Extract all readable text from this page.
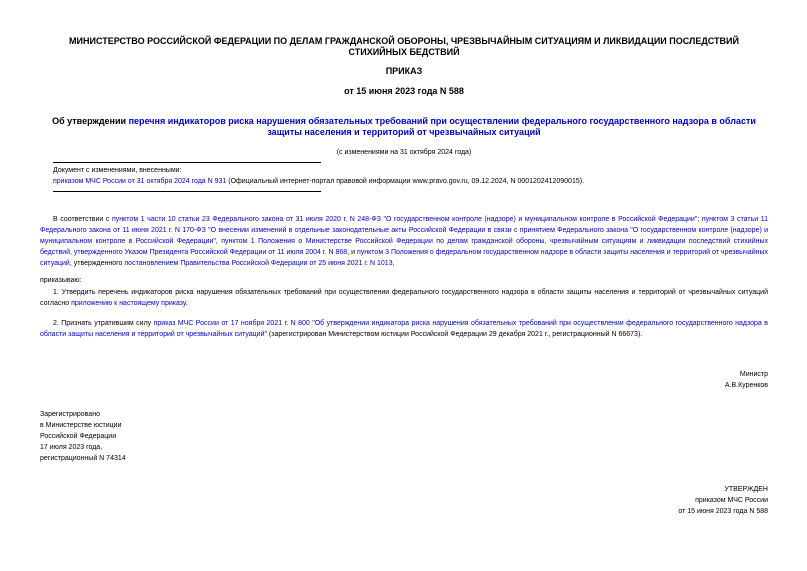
МИНИСТЕРСТВО РОССИЙСКОЙ ФЕДЕРАЦИИ ПО ДЕЛАМ ГРАЖДАНСКОЙ ОБОРОНЫ, ЧРЕЗВЫЧАЙНЫМ СИТУАЦИЯМ И ЛИКВИДАЦИИ ПОСЛЕДСТВИЙ СТИХИЙНЫХ БЕДСТВИЙ
ПРИКАЗ
от 15 июня 2023 года N 588
Об утверждении перечня индикаторов риска нарушения обязательных требований при осуществлении федерального государственного надзора в области защиты населения и территорий от чрезвычайных ситуаций
(с изменениями на 31 октября 2024 года)
Документ с изменениями, внесенными:
приказом МЧС России от 31 октября 2024 года N 931 (Официальный интернет-портал правовой информации www.pravo.gov.ru, 09.12.2024, N 0001202412090015).
В соответствии с пунктом 1 части 10 статьи 23 Федерального закона от 31 июля 2020 г. N 248-ФЗ "О государственном контроле (надзоре) и муниципальном контроле в Российской Федерации"; пунктом 3 статьи 11 Федерального закона от 11 июня 2021 г. N 170-ФЗ "О внесении изменений в отдельные законодательные акты Российской Федерации в связи с принятием Федерального закона "О государственном контроле (надзоре) и муниципальном контроле в Российской Федерации", пунктом 1 Положения о Министерстве Российской Федерации по делам гражданской обороны, чрезвычайным ситуациям и ликвидации последствий стихийных бедствий, утвержденного Указом Президента Российской Федерации от 11 июля 2004 г. N 868, и пунктом 3 Положения о федеральном государственном надзоре в области защиты населения и территорий от чрезвычайных ситуаций, утвержденного постановлением Правительства Российской Федерации от 25 июня 2021 г. N 1013,
приказываю:
1. Утвердить перечень индикаторов риска нарушения обязательных требований при осуществлении федерального государственного надзора в области защиты населения и территорий от чрезвычайных ситуаций согласно приложению к настоящему приказу.
2. Признать утратившим силу приказ МЧС России от 17 ноября 2021 г. N 800 "Об утверждении индикатора риска нарушения обязательных требований при осуществлении федерального государственного надзора в области защиты населения и территорий от чрезвычайных ситуаций" (зарегистрирован Министерством юстиции Российской Федерации 29 декабря 2021 г., регистрационный N 66673).
Министр
А.В.Куренков
Зарегистрировано
в Министерстве юстиции
Российской Федерации
17 июля 2023 года,
регистрационный N 74314
УТВЕРЖДЕН
приказом МЧС России
от 15 июня 2023 года N 588
